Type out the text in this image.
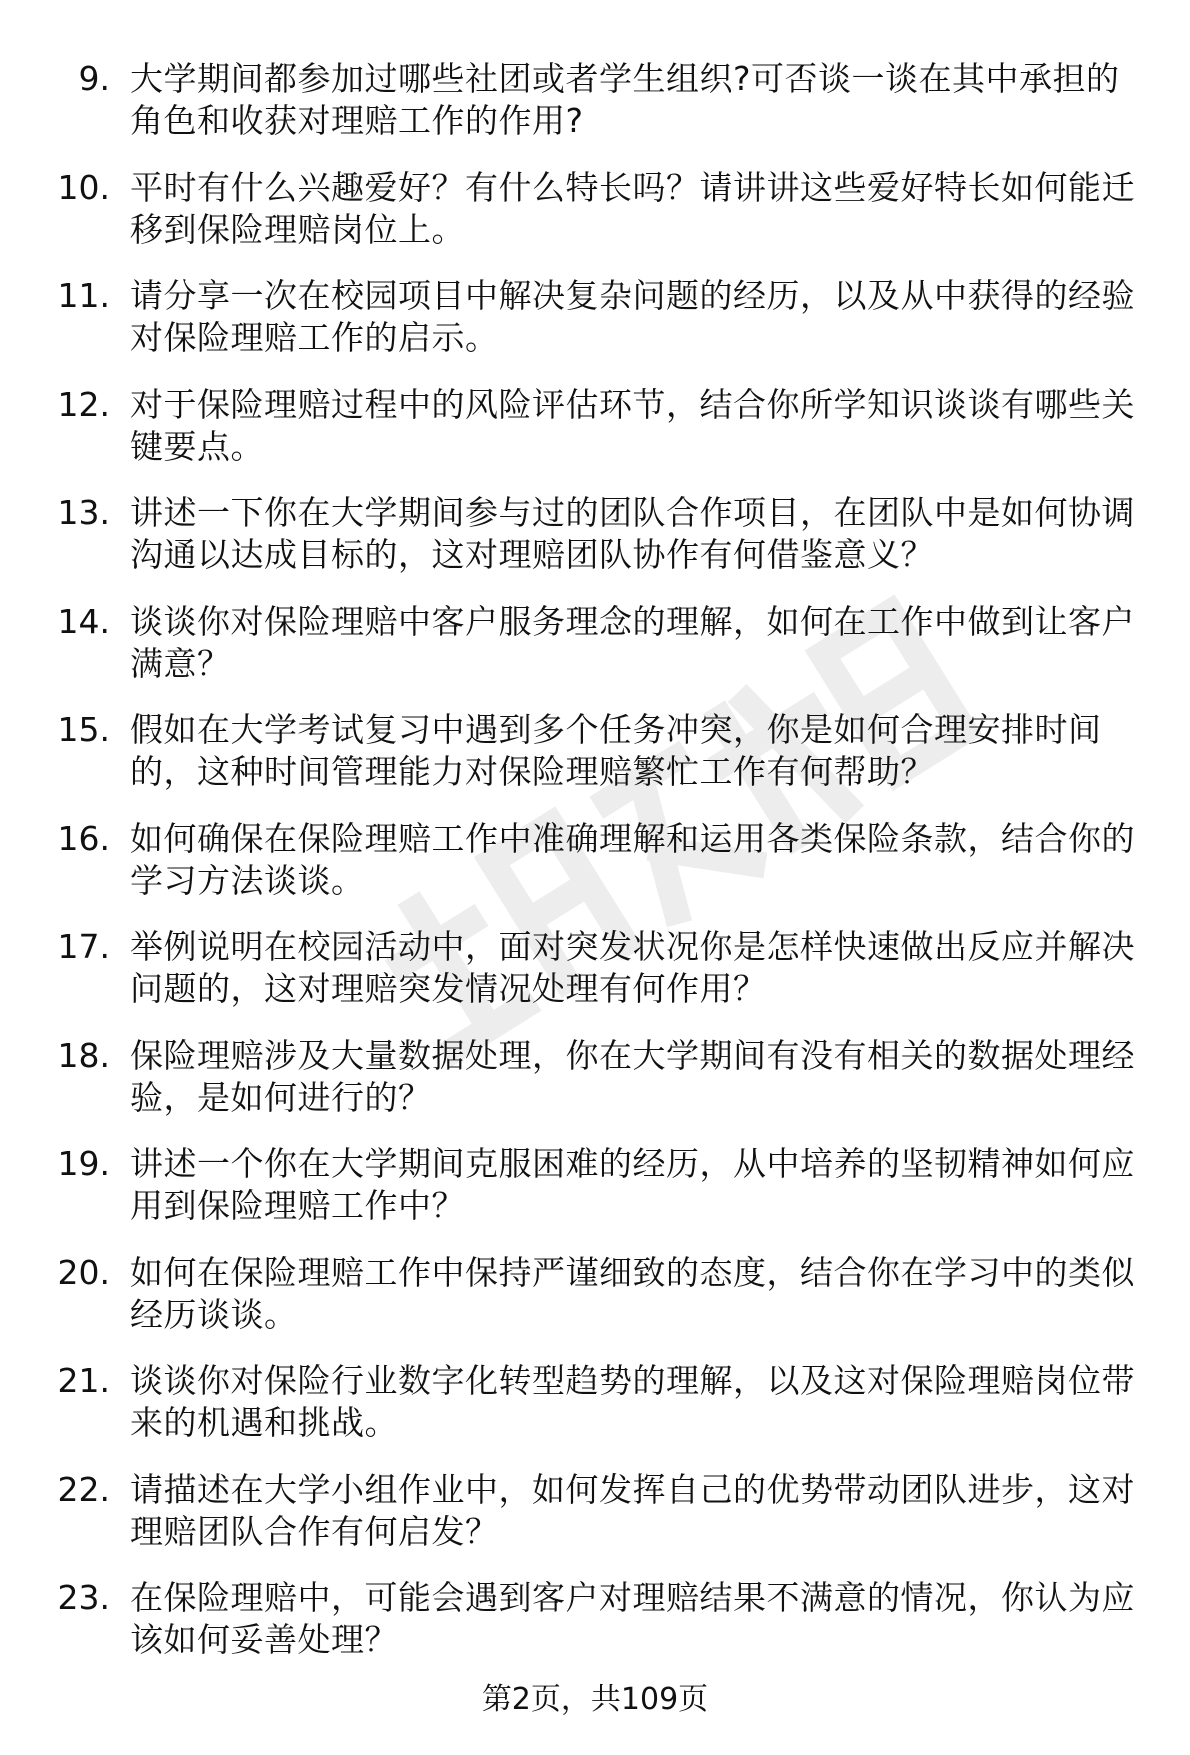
9. 大学期间都参加过哪些社团或者学生组织?可否谈一谈在其中承担的角色和收获对理赔工作的作用?
10. 平时有什么兴趣爱好？有什么特长吗？请讲讲这些爱好特长如何能迁移到保险理赔岗位上。
11. 请分享一次在校园项目中解决复杂问题的经历，以及从中获得的经验对保险理赔工作的启示。
12. 对于保险理赔过程中的风险评估环节，结合你所学知识谈谈有哪些关键要点。
13. 讲述一下你在大学期间参与过的团队合作项目，在团队中是如何协调沟通以达成目标的，这对理赔团队协作有何借鉴意义？
14. 谈谈你对保险理赔中客户服务理念的理解，如何在工作中做到让客户满意？
15. 假如在大学考试复习中遇到多个任务冲突，你是如何合理安排时间的，这种时间管理能力对保险理赔繁忙工作有何帮助？
16. 如何确保在保险理赔工作中准确理解和运用各类保险条款，结合你的学习方法谈谈。
17. 举例说明在校园活动中，面对突发状况你是怎样快速做出反应并解决问题的，这对理赔突发情况处理有何作用？
18. 保险理赔涉及大量数据处理，你在大学期间有没有相关的数据处理经验，是如何进行的？
19. 讲述一个你在大学期间克服困难的经历，从中培养的坚韧精神如何应用到保险理赔工作中？
20. 如何在保险理赔工作中保持严谨细致的态度，结合你在学习中的类似经历谈谈。
21. 谈谈你对保险行业数字化转型趋势的理解，以及这对保险理赔岗位带来的机遇和挑战。
22. 请描述在大学小组作业中，如何发挥自己的优势带动团队进步，这对理赔团队合作有何启发？
23. 在保险理赔中，可能会遇到客户对理赔结果不满意的情况，你认为应该如何妥善处理？
第2页，共109页
